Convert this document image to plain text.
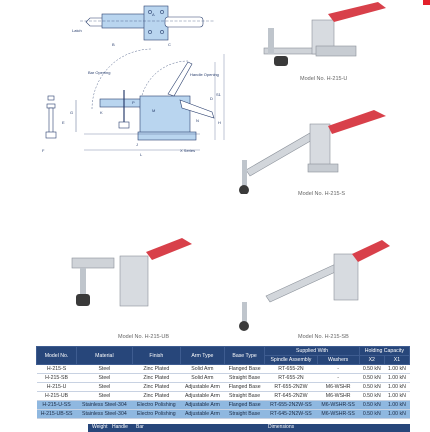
Latch
Bar Opening	Handle Opening
X Series
A
B	C
D
E
F
G
H
J
K
L
M
N
P
S1
Model No. H-215-U
Model No. H-215-S
Model No. H-215-UB	Model No. H-215-SB
Model No.	Material	Finish	Arm Type	Base Type	Supplied With		Holding Capacity	
					Spindle Assembly	Washers	X2	X1
H-215-S	Steel	Zinc Plated	Solid Arm	Flanged Base	RT-655-2N	-	0.50 kN	1.00 kN
H-215-SB	Steel	Zinc Plated	Solid Arm	Straight Base	RT-655-2N	-	0.50 kN	1.00 kN
H-215-U	Steel	Zinc Plated	Adjustable Arm	Flanged Base	RT-655-2N2W	M6-WSHR	0.50 kN	1.00 kN
H-215-UB	Steel	Zinc Plated	Adjustable Arm	Straight Base	RT-645-2N2W	M6-WSHR	0.50 kN	1.00 kN
H-215-U-SS	Stainless Steel-304	Electro Polishing	Adjustable Arm	Flanged Base	RT-655-2N2W-SS	M6-WSHR-SS	0.50 kN	1.00 kN
H-215-UB-SS	Stainless Steel-304	Electro Polishing	Adjustable Arm	Straight Base	RT-645-2N2W-SS	M6-WSHR-SS	0.50 kN	1.00 kN
Weight Handle Bar	Dimensions
